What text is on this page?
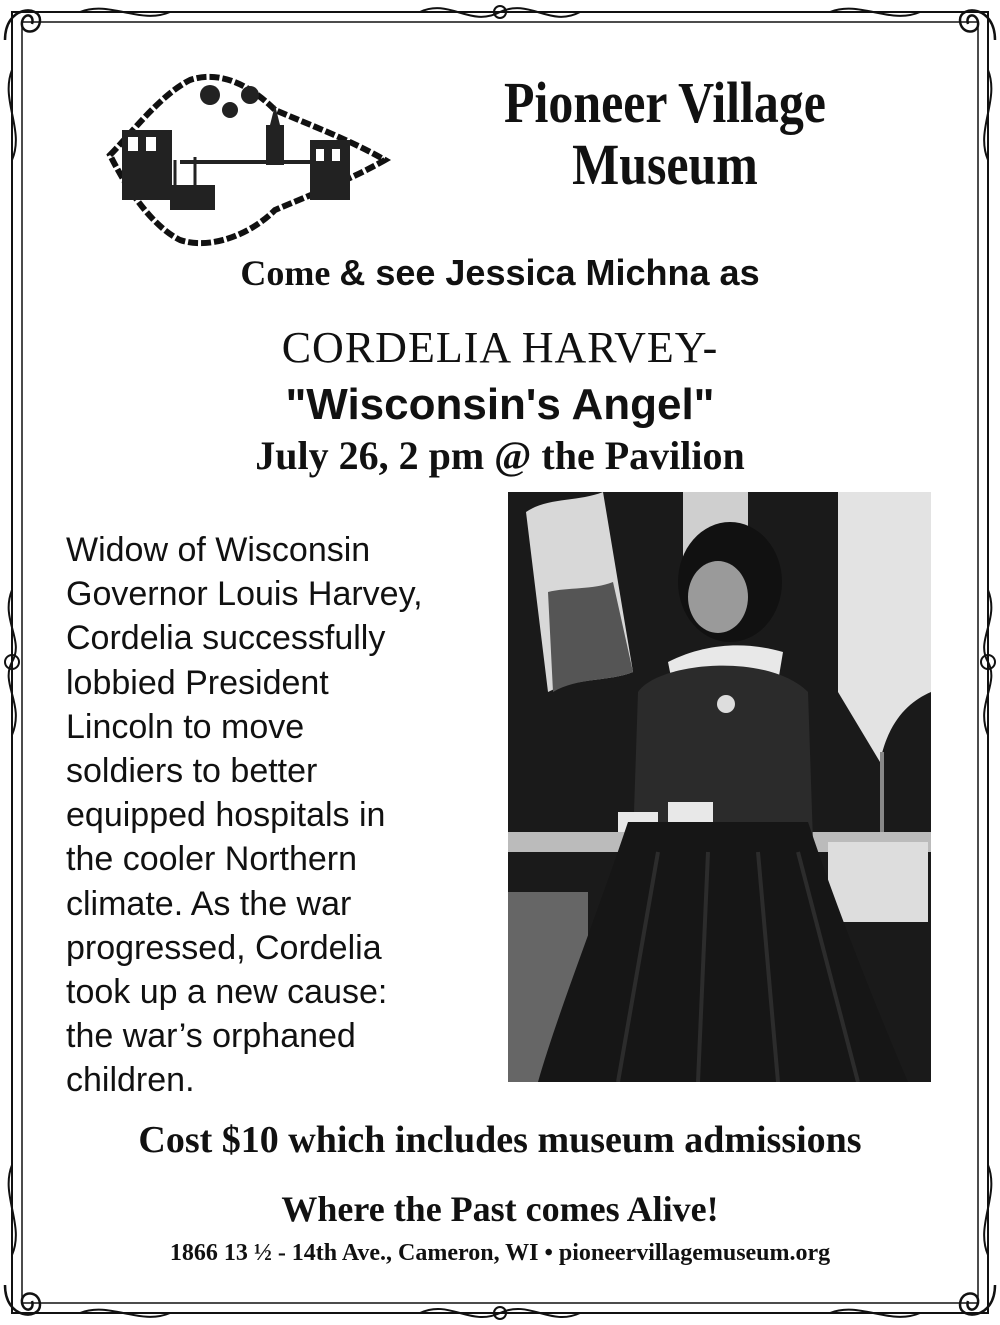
Pioneer Village Museum
Come & see Jessica Michna as
CORDELIA HARVEY-
"Wisconsin's Angel"
July 26, 2 pm @ the Pavilion
Widow of Wisconsin
Governor Louis Harvey,
Cordelia successfully
lobbied President
Lincoln to move
soldiers to better
equipped hospitals in
the cooler Northern
climate. As the war
progressed, Cordelia
took up a new cause:
the war’s orphaned
children.
Cost $10 which includes museum admissions
Where the Past comes Alive!
1866 13 ½ - 14th Ave., Cameron, WI • pioneervillagemuseum.org
